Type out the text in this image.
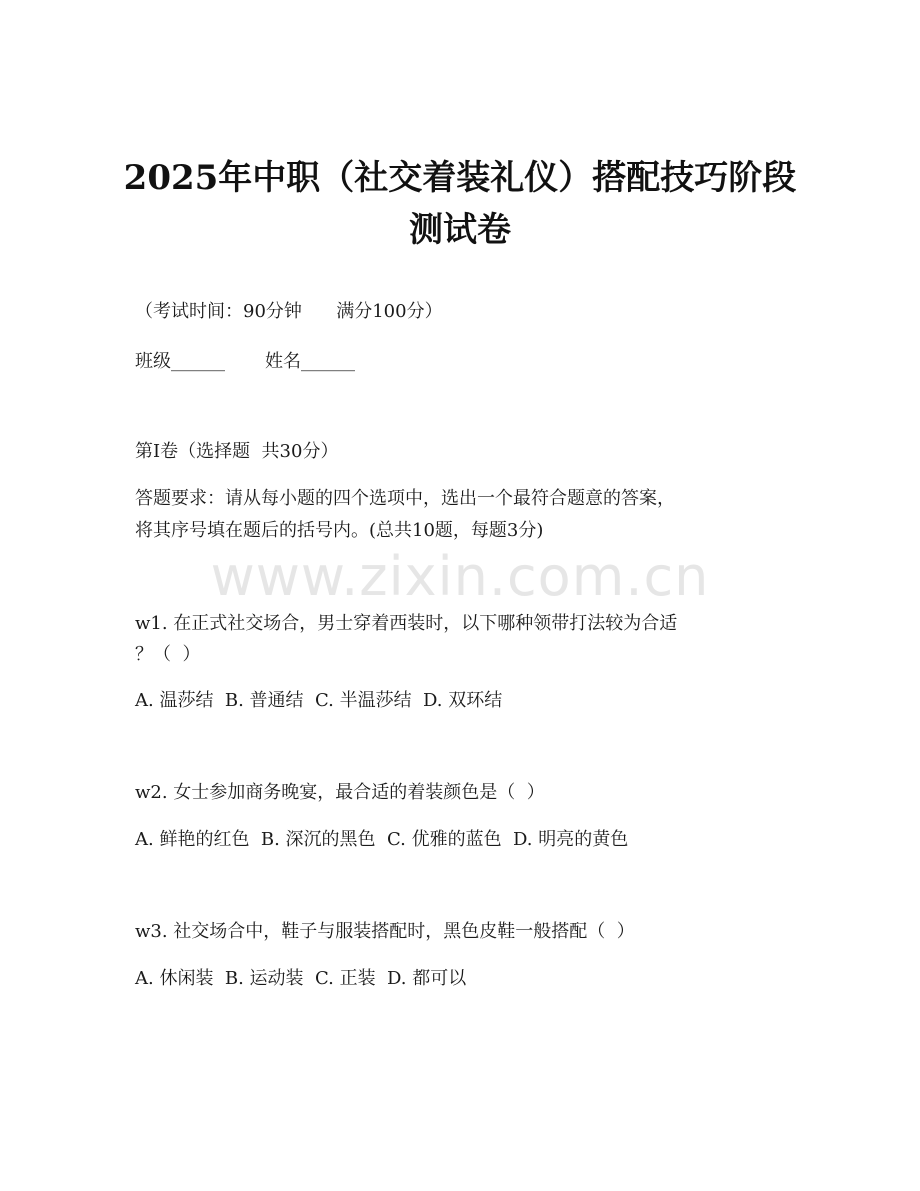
www.zixin.com.cn
2025年中职（社交着装礼仪）搭配技巧阶段
测试卷
（考试时间：90分钟      满分100分）
班级______       姓名______
第Ⅰ卷（选择题  共30分）
答题要求：请从每小题的四个选项中，选出一个最符合题意的答案，
将其序号填在题后的括号内。(总共10题，每题3分)
w1. 在正式社交场合，男士穿着西装时，以下哪种领带打法较为合适
？（  ）
A. 温莎结  B. 普通结  C. 半温莎结  D. 双环结
w2. 女士参加商务晚宴，最合适的着装颜色是（  ）
A. 鲜艳的红色  B. 深沉的黑色  C. 优雅的蓝色  D. 明亮的黄色
w3. 社交场合中，鞋子与服装搭配时，黑色皮鞋一般搭配（  ）
A. 休闲装  B. 运动装  C. 正装  D. 都可以
